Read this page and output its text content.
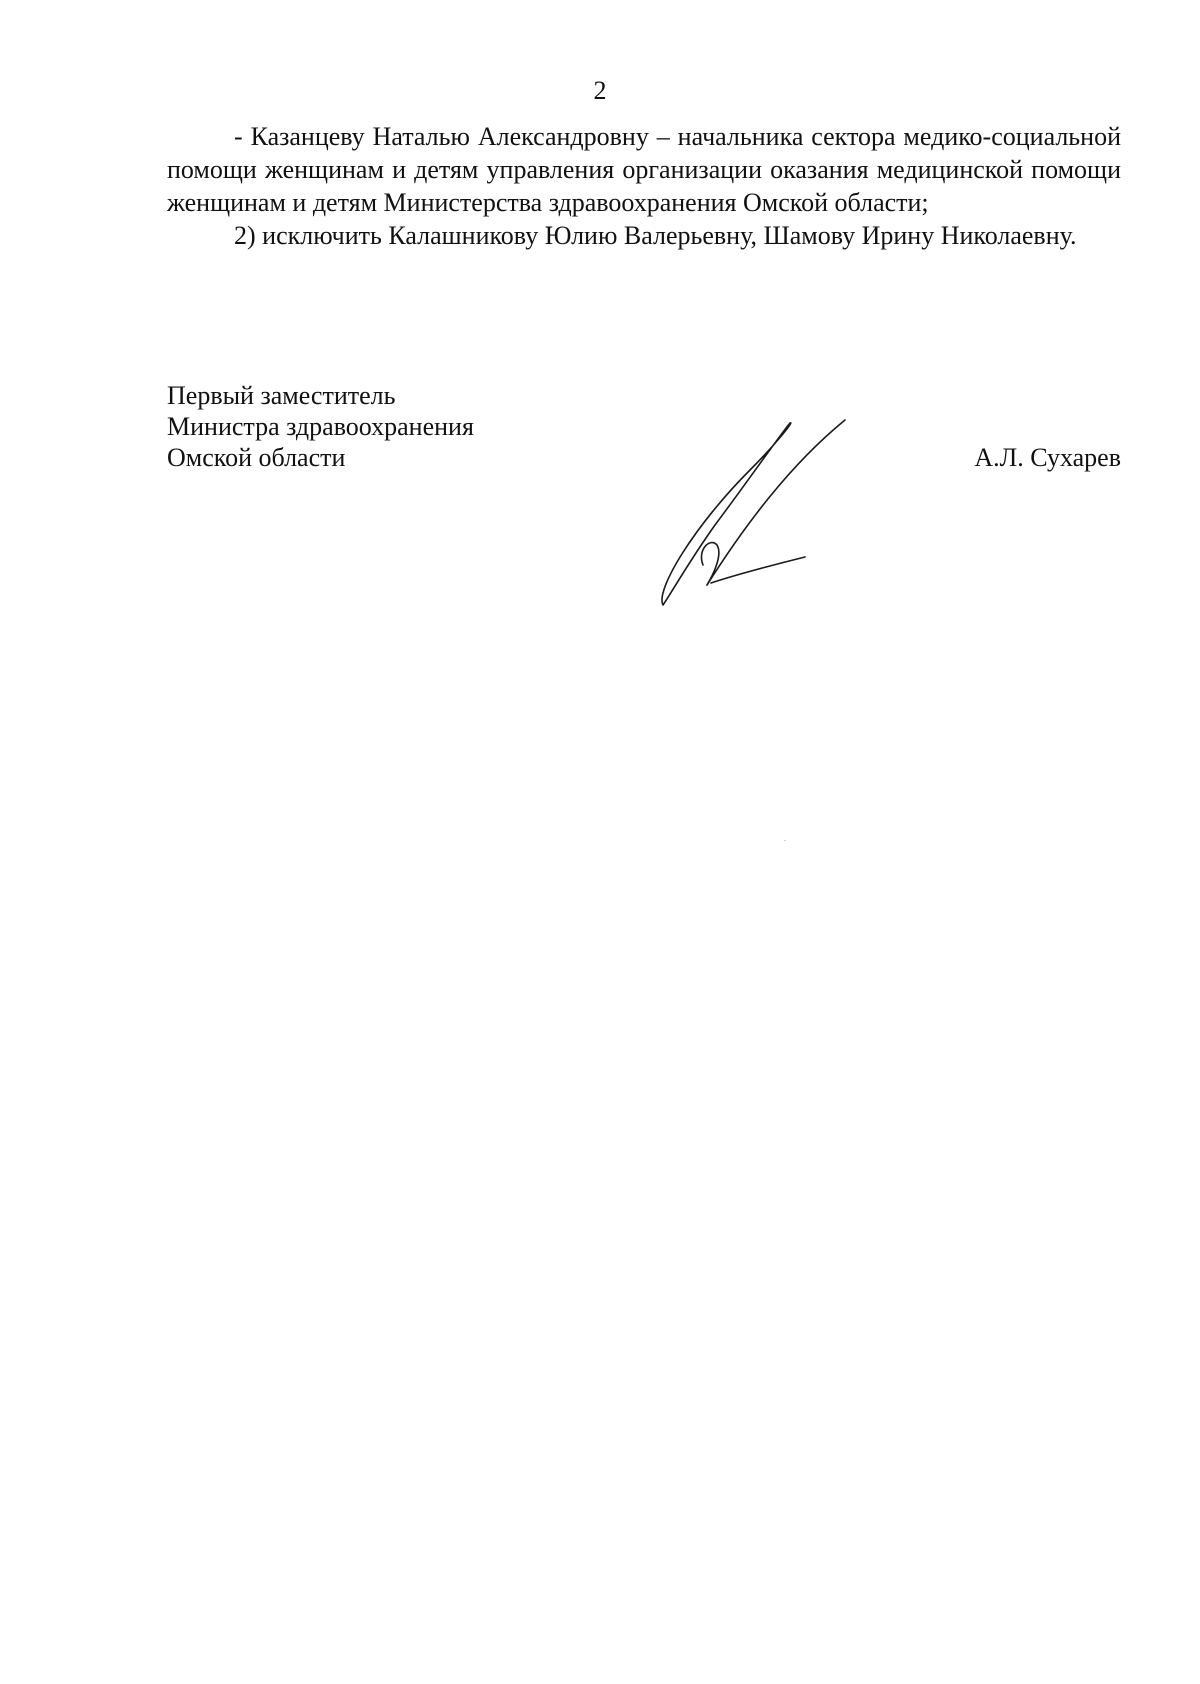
2

- Казанцеву Наталью Александровну – начальника сектора медико-социальной помощи женщинам и детям управления организации оказания медицинской помощи женщинам и детям Министерства здравоохранения Омской области;

2) исключить Калашникову Юлию Валерьевну, Шамову Ирину Николаевну.

Первый заместитель
Министра здравоохранения
Омской области	А.Л. Сухарев
